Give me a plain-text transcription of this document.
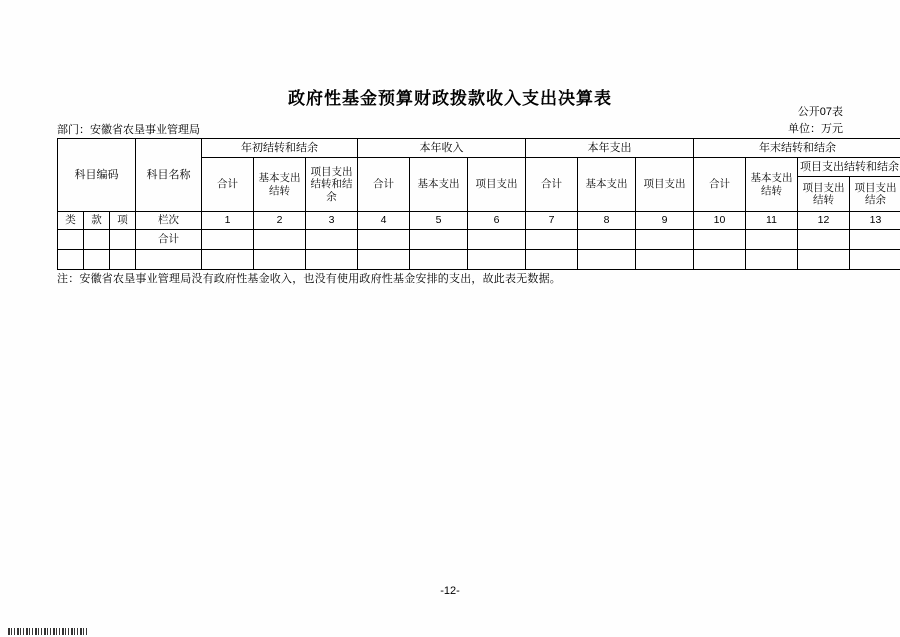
政府性基金预算财政拨款收入支出决算表
公开07表
单位：万元
部门：安徽省农垦事业管理局
科目编码			科目名称	年初结转和结余			本年收入			本年支出			年末结转和结余			
				合计	基本支出结转	项目支出结转和结余	合计	基本支出	项目支出	合计	基本支出	项目支出	合计	基本支出结转	项目支出结转和结余	
															项目支出结转	项目支出结余
类	款	项	栏次	1	2	3	4	5	6	7	8	9	10	11	12	13
			合计													

注：安徽省农垦事业管理局没有政府性基金收入，也没有使用政府性基金安排的支出，故此表无数据。
-12-
